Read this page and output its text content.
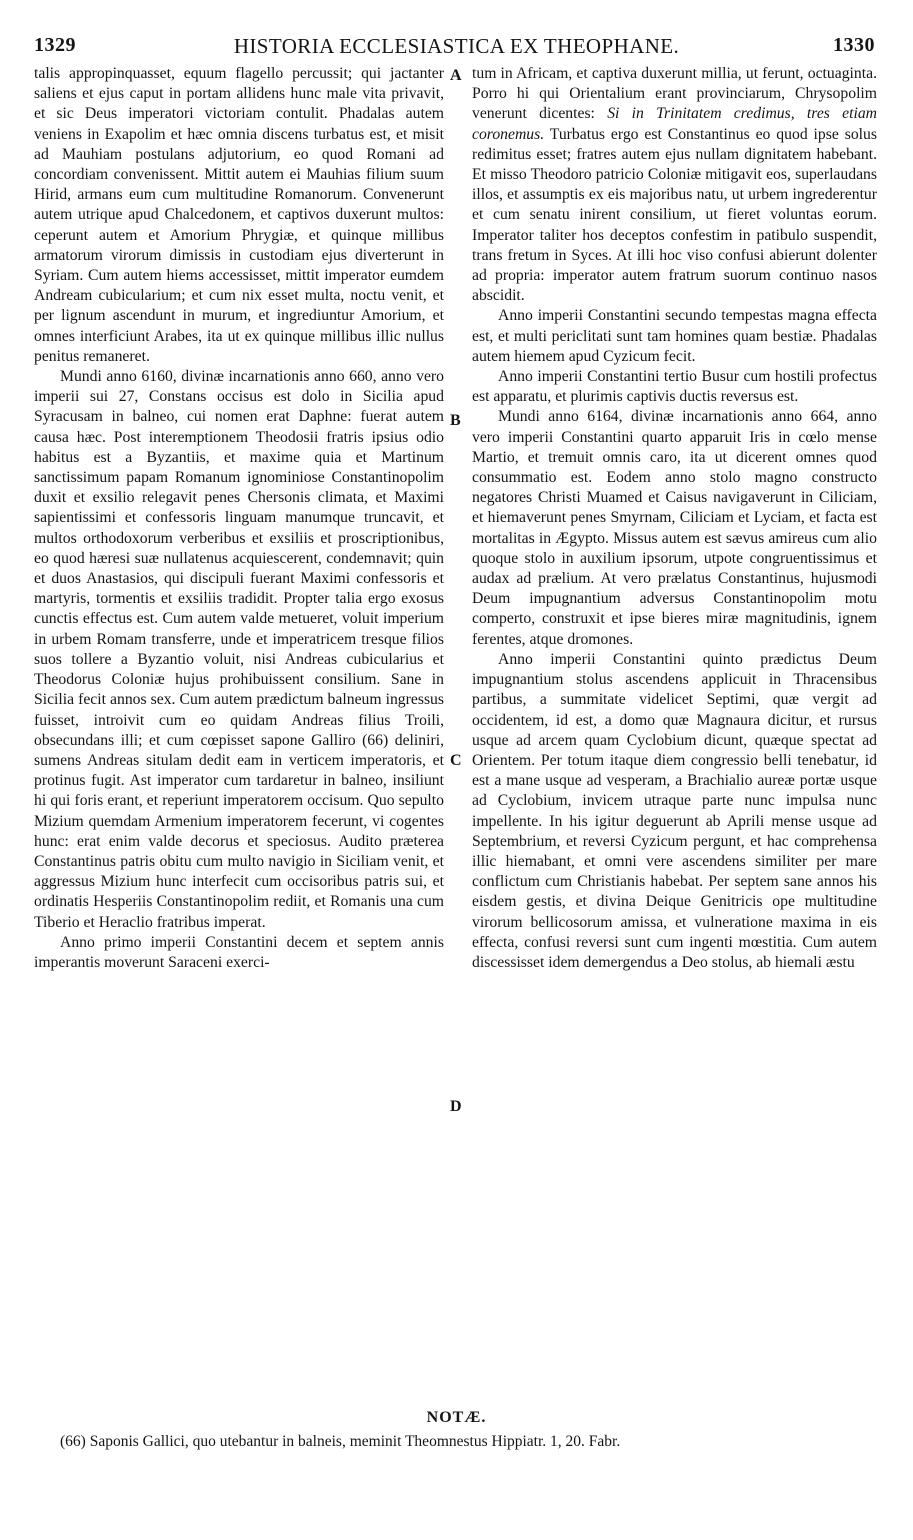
1329	HISTORIA ECCLESIASTICA EX THEOPHANE.	1330
A
B
C
D

talis appropinquasset, equum flagello percussit; qui jactanter saliens et ejus caput in portam allidens hunc male vita privavit, et sic Deus imperatori victoriam contulit. Phadalas autem veniens in Exapolim et hæc omnia discens turbatus est, et misit ad Mauhiam postulans adjutorium, eo quod Romani ad concordiam convenissent. Mittit autem ei Mauhias filium suum Hirid, armans eum cum multitudine Romanorum. Convenerunt autem utrique apud Chalcedonem, et captivos duxerunt multos: ceperunt autem et Amorium Phrygiæ, et quinque millibus armatorum virorum dimissis in custodiam ejus diverterunt in Syriam. Cum autem hiems accessisset, mittit imperator eumdem Andream cubicularium; et cum nix esset multa, noctu venit, et per lignum ascendunt in murum, et ingrediuntur Amorium, et omnes interficiunt Arabes, ita ut ex quinque millibus illic nullus penitus remaneret.

Mundi anno 6160, divinæ incarnationis anno 660, anno vero imperii sui 27, Constans occisus est dolo in Sicilia apud Syracusam in balneo, cui nomen erat Daphne: fuerat autem causa hæc. Post interemptionem Theodosii fratris ipsius odio habitus est a Byzantiis, et maxime quia et Martinum sanctissimum papam Romanum ignominiose Constantinopolim duxit et exsilio relegavit penes Chersonis climata, et Maximi sapientissimi et confessoris linguam manumque truncavit, et multos orthodoxorum verberibus et exsiliis et proscriptionibus, eo quod hæresi suæ nullatenus acquiescerent, condemnavit; quin et duos Anastasios, qui discipuli fuerant Maximi confessoris et martyris, tormentis et exsiliis tradidit. Propter talia ergo exosus cunctis effectus est. Cum autem valde metueret, voluit imperium in urbem Romam transferre, unde et imperatricem tresque filios suos tollere a Byzantio voluit, nisi Andreas cubicularius et Theodorus Coloniæ hujus prohibuissent consilium. Sane in Sicilia fecit annos sex. Cum autem prædictum balneum ingressus fuisset, introivit cum eo quidam Andreas filius Troili, obsecundans illi; et cum cœpisset sapone Galliro (66) deliniri, sumens Andreas situlam dedit eam in verticem imperatoris, et protinus fugit. Ast imperator cum tardaretur in balneo, insiliunt hi qui foris erant, et reperiunt imperatorem occisum. Quo sepulto Mizium quemdam Armenium imperatorem fecerunt, vi cogentes hunc: erat enim valde decorus et speciosus. Audito præterea Constantinus patris obitu cum multo navigio in Siciliam venit, et aggressus Mizium hunc interfecit cum occisoribus patris sui, et ordinatis Hesperiis Constantinopolim rediit, et Romanis una cum Tiberio et Heraclio fratribus imperat.

Anno primo imperii Constantini decem et septem annis imperantis moverunt Saraceni exerci-

tum in Africam, et captiva duxerunt millia, ut ferunt, octuaginta. Porro hi qui Orientalium erant provinciarum, Chrysopolim venerunt dicentes: Si in Trinitatem credimus, tres etiam coronemus. Turbatus ergo est Constantinus eo quod ipse solus redimitus esset; fratres autem ejus nullam dignitatem habebant. Et misso Theodoro patricio Coloniæ mitigavit eos, superlaudans illos, et assumptis ex eis majoribus natu, ut urbem ingrederentur et cum senatu inirent consilium, ut fieret voluntas eorum. Imperator taliter hos deceptos confestim in patibulo suspendit, trans fretum in Syces. At illi hoc viso confusi abierunt dolenter ad propria: imperator autem fratrum suorum continuo nasos abscidit.

Anno imperii Constantini secundo tempestas magna effecta est, et multi periclitati sunt tam homines quam bestiæ. Phadalas autem hiemem apud Cyzicum fecit.

Anno imperii Constantini tertio Busur cum hostili profectus est apparatu, et plurimis captivis ductis reversus est.

Mundi anno 6164, divinæ incarnationis anno 664, anno vero imperii Constantini quarto apparuit Iris in cœlo mense Martio, et tremuit omnis caro, ita ut dicerent omnes quod consummatio est. Eodem anno stolo magno constructo negatores Christi Muamed et Caisus navigaverunt in Ciliciam, et hiemaverunt penes Smyrnam, Ciliciam et Lyciam, et facta est mortalitas in Ægypto. Missus autem est sævus amireus cum alio quoque stolo in auxilium ipsorum, utpote congruentissimus et audax ad prælium. At vero prælatus Constantinus, hujusmodi Deum impugnantium adversus Constantinopolim motu comperto, construxit et ipse bieres miræ magnitudinis, ignem ferentes, atque dromones.

Anno imperii Constantini quinto prædictus Deum impugnantium stolus ascendens applicuit in Thracensibus partibus, a summitate videlicet Septimi, quæ vergit ad occidentem, id est, a domo quæ Magnaura dicitur, et rursus usque ad arcem quam Cyclobium dicunt, quæque spectat ad Orientem. Per totum itaque diem congressio belli tenebatur, id est a mane usque ad vesperam, a Brachialio aureæ portæ usque ad Cyclobium, invicem utraque parte nunc impulsa nunc impellente. In his igitur deguerunt ab Aprili mense usque ad Septembrium, et reversi Cyzicum pergunt, et hac comprehensa illic hiemabant, et omni vere ascendens similiter per mare conflictum cum Christianis habebat. Per septem sane annos his eisdem gestis, et divina Deique Genitricis ope multitudine virorum bellicosorum amissa, et vulneratione maxima in eis effecta, confusi reversi sunt cum ingenti mœstitia. Cum autem discessisset idem demergendus a Deo stolus, ab hiemali æstu

NOTÆ.
(66) Saponis Gallici, quo utebantur in balneis, meminit Theomnestus Hippiatr. 1, 20. Fabr.
